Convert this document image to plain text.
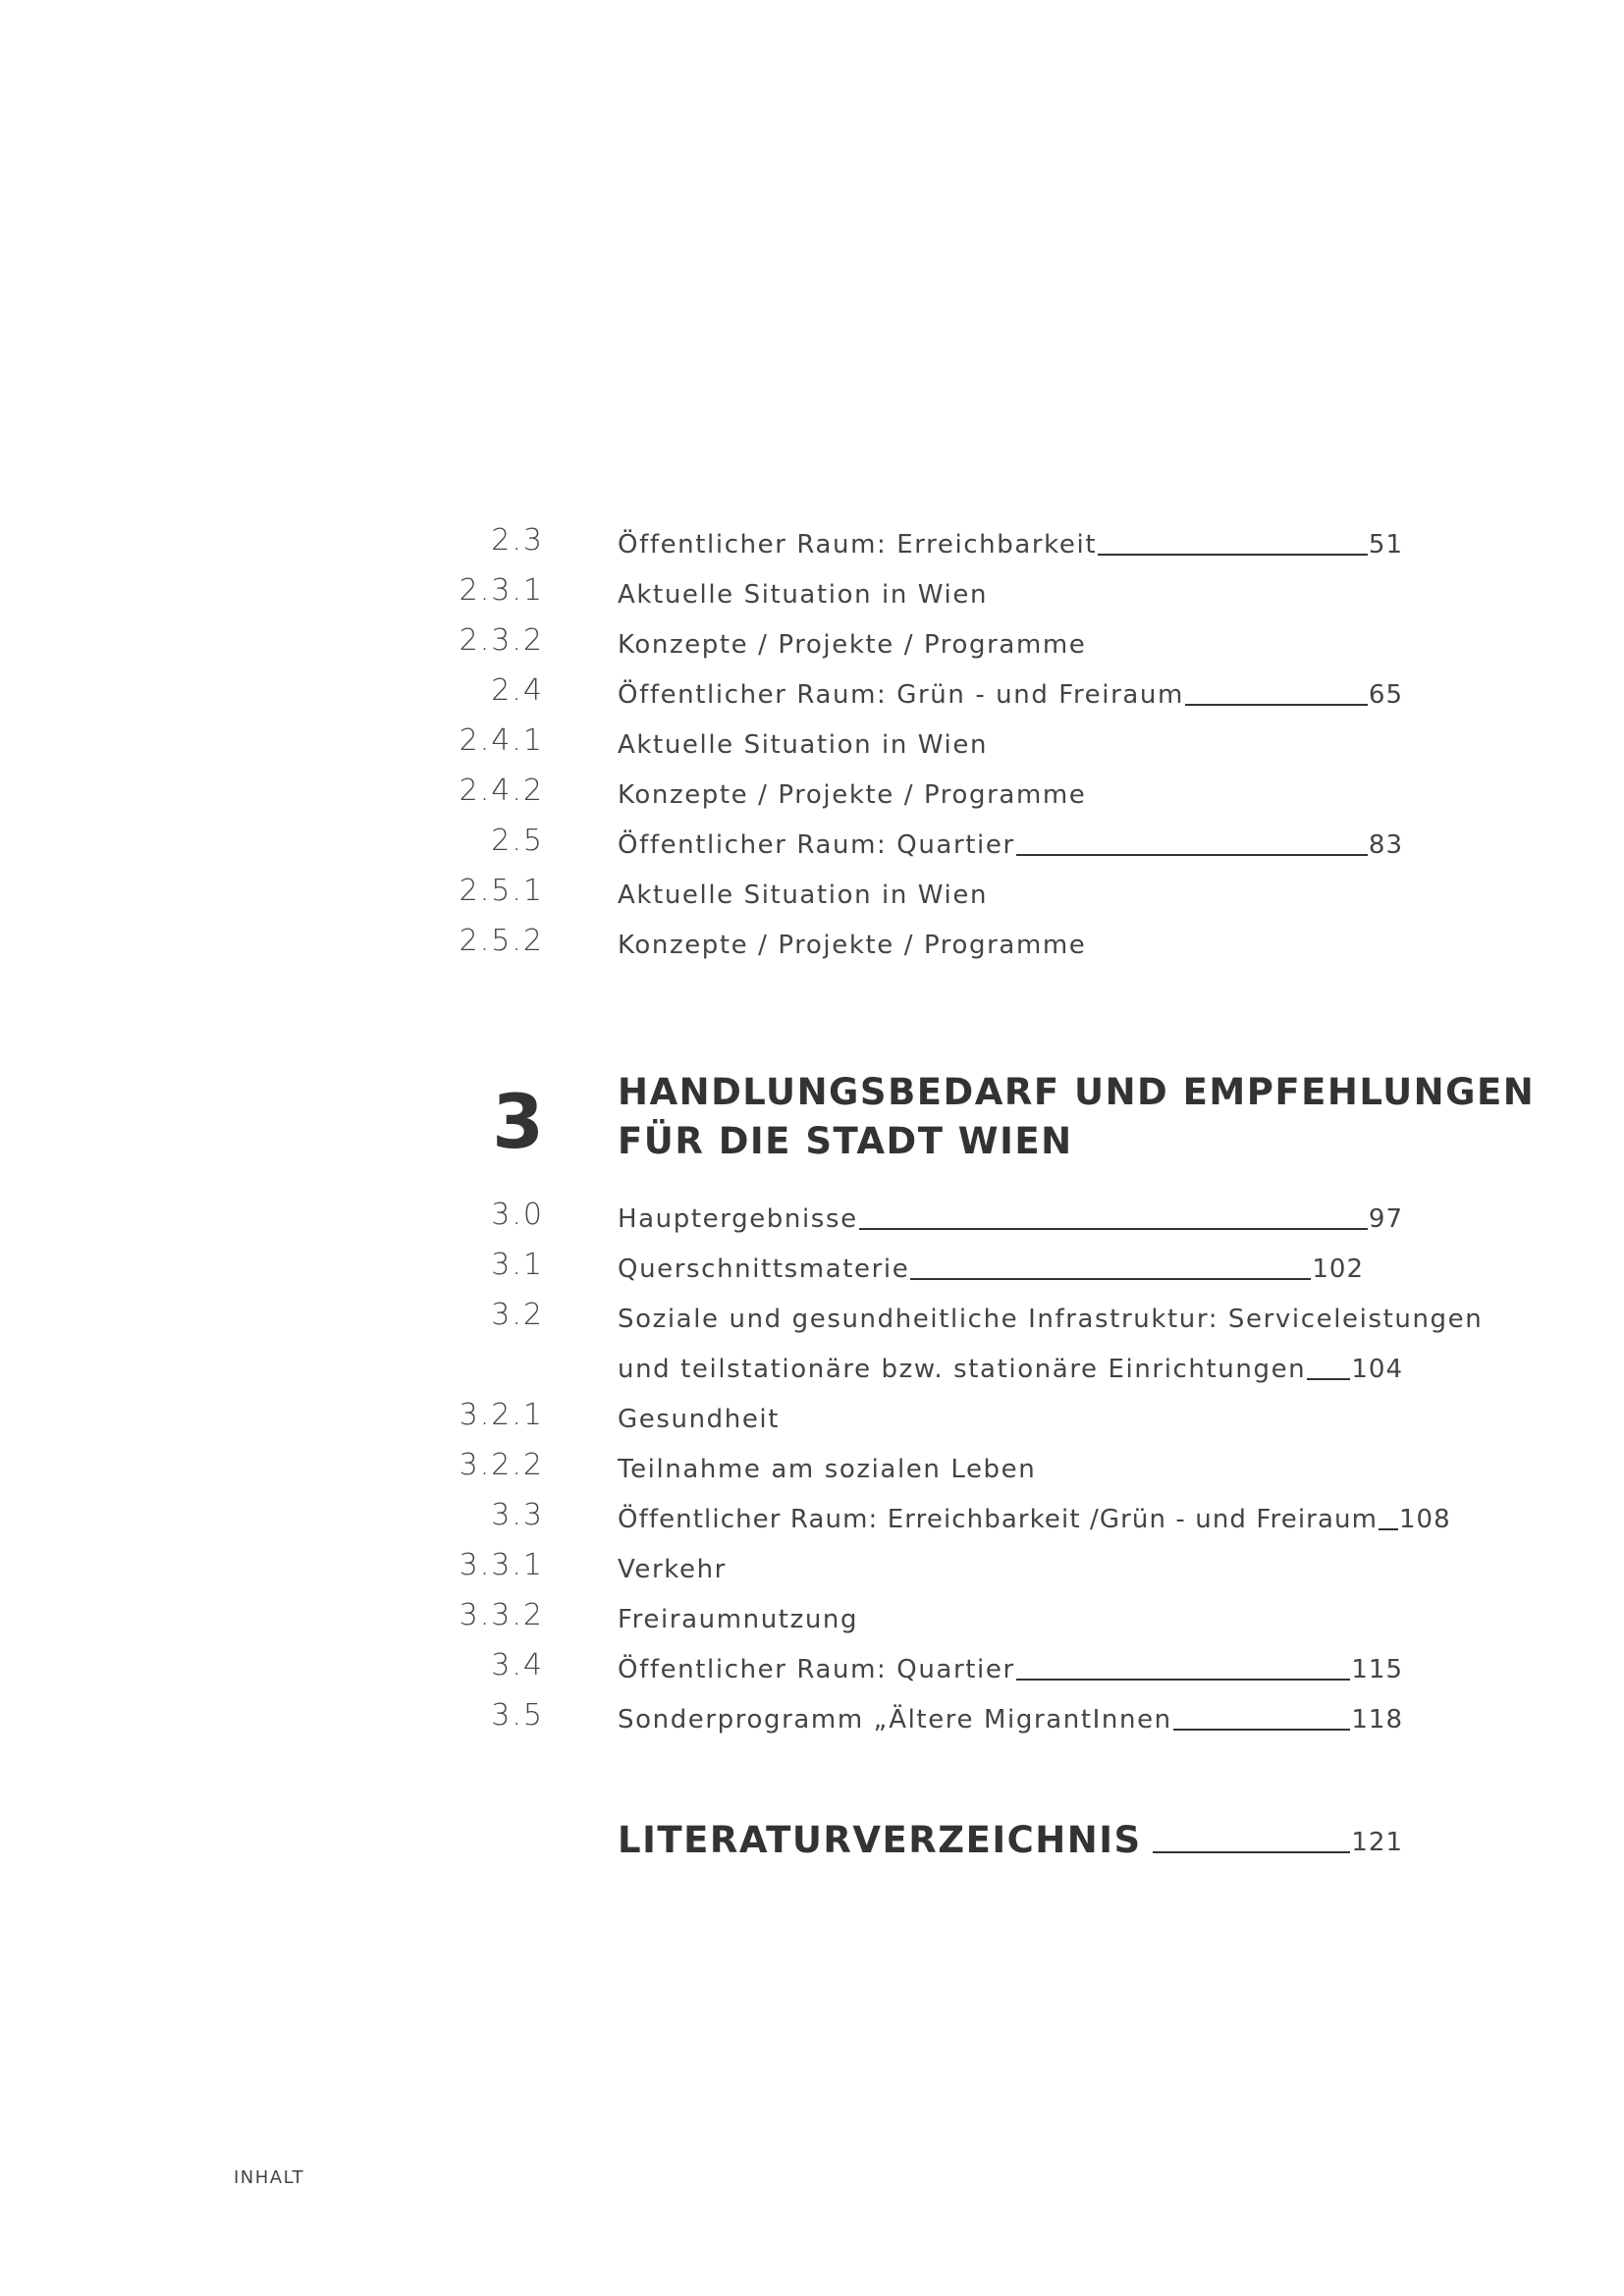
2.3	Öffentlicher Raum: Erreichbarkeit	51
2.3.1	Aktuelle Situation in Wien
2.3.2	Konzepte / Projekte / Programme
2.4	Öffentlicher Raum: Grün - und Freiraum	65
2.4.1	Aktuelle Situation in Wien
2.4.2	Konzepte / Projekte / Programme
2.5	Öffentlicher Raum: Quartier	83
2.5.1	Aktuelle Situation in Wien
2.5.2	Konzepte / Projekte / Programme
3 HANDLUNGSBEDARF UND EMPFEHLUNGEN
FÜR DIE STADT WIEN
3.0	Hauptergebnisse	97
3.1	Querschnittsmaterie	102
3.2	Soziale und gesundheitliche Infrastruktur: Serviceleistungen
und teilstationäre bzw. stationäre Einrichtungen 104
3.2.1	Gesundheit
3.2.2	Teilnahme am sozialen Leben
3.3	Öffentlicher Raum: Erreichbarkeit /Grün - und Freiraum 108
3.3.1	Verkehr
3.3.2	Freiraumnutzung
3.4	Öffentlicher Raum: Quartier	115
3.5	Sonderprogramm „Ältere MigrantInnen	118
LITERATURVERZEICHNIS	121
INHALT
